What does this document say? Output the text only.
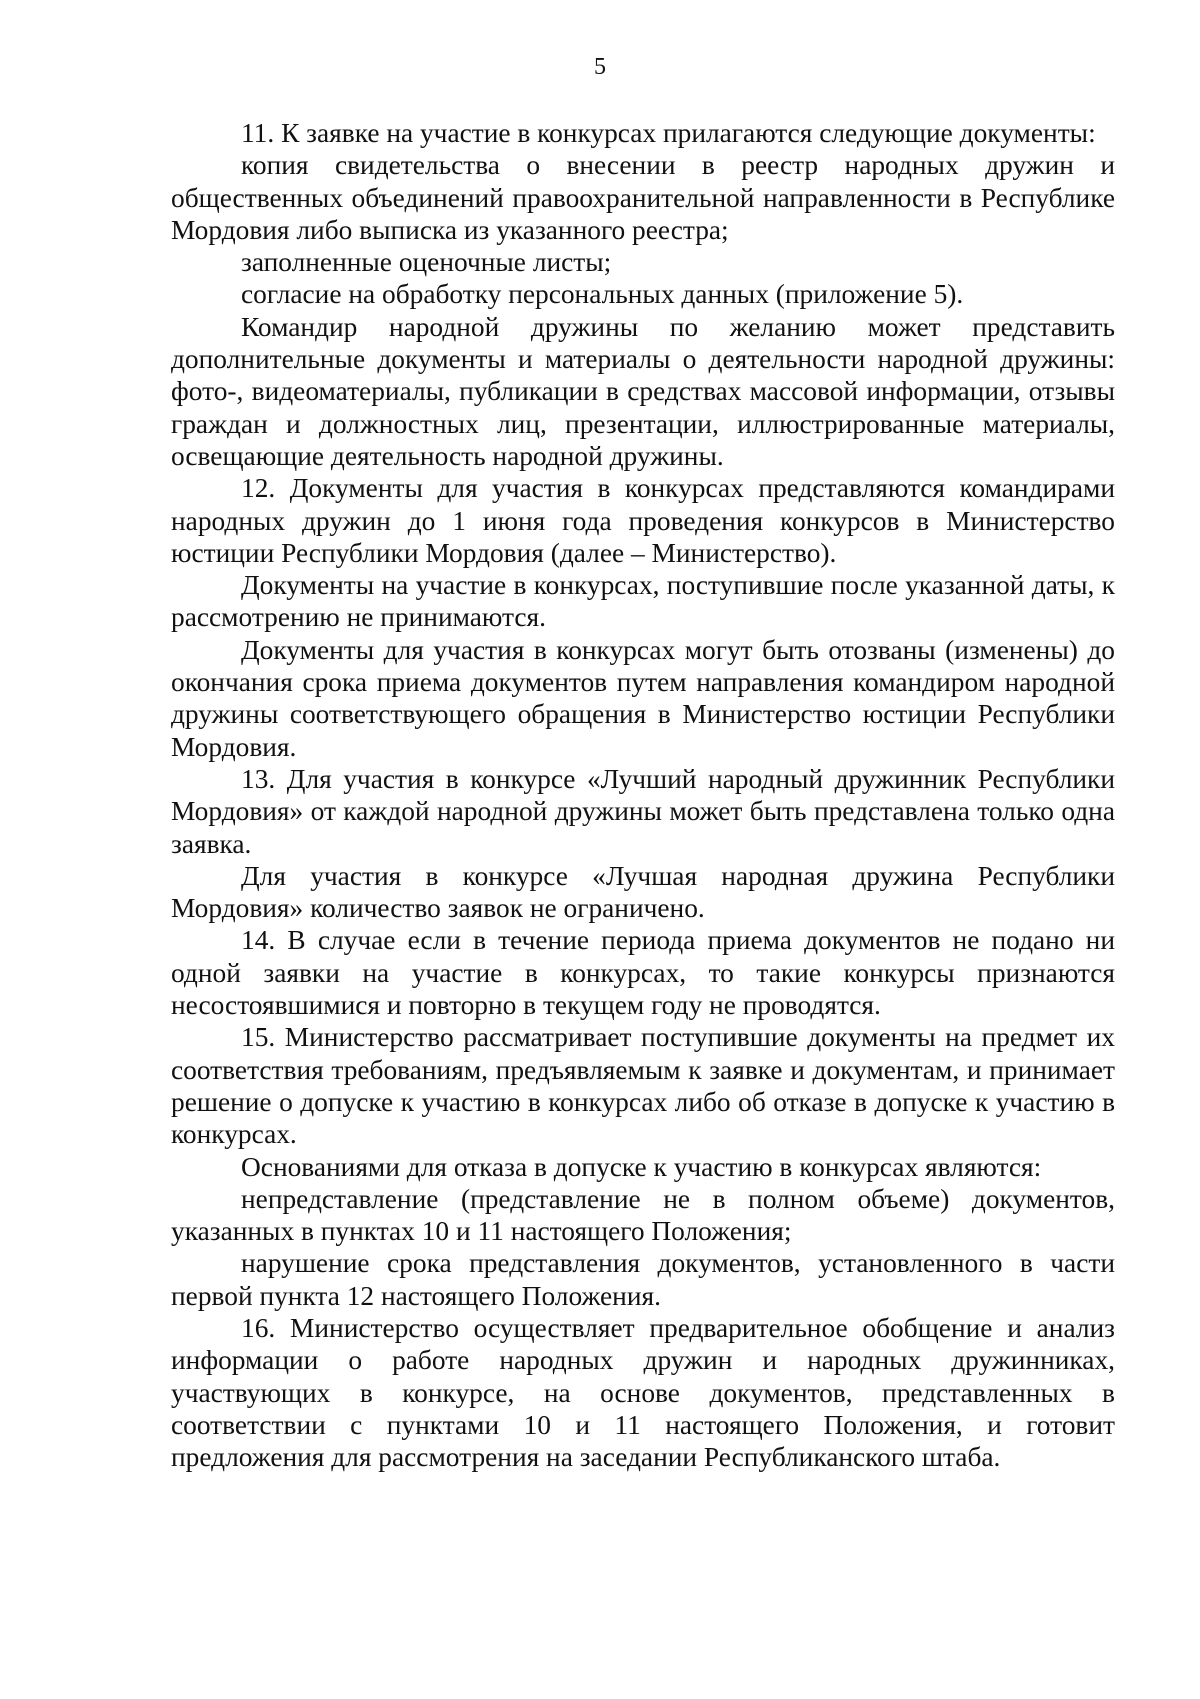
5

11. К заявке на участие в конкурсах прилагаются следующие документы:

копия свидетельства о внесении в реестр народных дружин и общественных объединений правоохранительной направленности в Республике Мордовия либо выписка из указанного реестра;

заполненные оценочные листы;

согласие на обработку персональных данных (приложение 5).

Командир народной дружины по желанию может представить дополнительные документы и материалы о деятельности народной дружины: фото-, видеоматериалы, публикации в средствах массовой информации, отзывы граждан и должностных лиц, презентации, иллюстрированные материалы, освещающие деятельность народной дружины.

12. Документы для участия в конкурсах представляются командирами народных дружин до 1 июня года проведения конкурсов в Министерство юстиции Республики Мордовия (далее – Министерство).

Документы на участие в конкурсах, поступившие после указанной даты, к рассмотрению не принимаются.

Документы для участия в конкурсах могут быть отозваны (изменены) до окончания срока приема документов путем направления командиром народной дружины соответствующего обращения в Министерство юстиции Республики Мордовия.

13. Для участия в конкурсе «Лучший народный дружинник Республики Мордовия» от каждой народной дружины может быть представлена только одна заявка.

Для участия в конкурсе «Лучшая народная дружина Республики Мордовия» количество заявок не ограничено.

14. В случае если в течение периода приема документов не подано ни одной заявки на участие в конкурсах, то такие конкурсы признаются несостоявшимися и повторно в текущем году не проводятся.

15. Министерство рассматривает поступившие документы на предмет их соответствия требованиям, предъявляемым к заявке и документам, и принимает решение о допуске к участию в конкурсах либо об отказе в допуске к участию в конкурсах.

Основаниями для отказа в допуске к участию в конкурсах являются:

непредставление (представление не в полном объеме) документов, указанных в пунктах 10 и 11 настоящего Положения;

нарушение срока представления документов, установленного в части первой пункта 12 настоящего Положения.

16. Министерство осуществляет предварительное обобщение и анализ информации о работе народных дружин и народных дружинниках, участвующих в конкурсе, на основе документов, представленных в соответствии с пунктами 10 и 11 настоящего Положения, и готовит предложения для рассмотрения на заседании Республиканского штаба.
